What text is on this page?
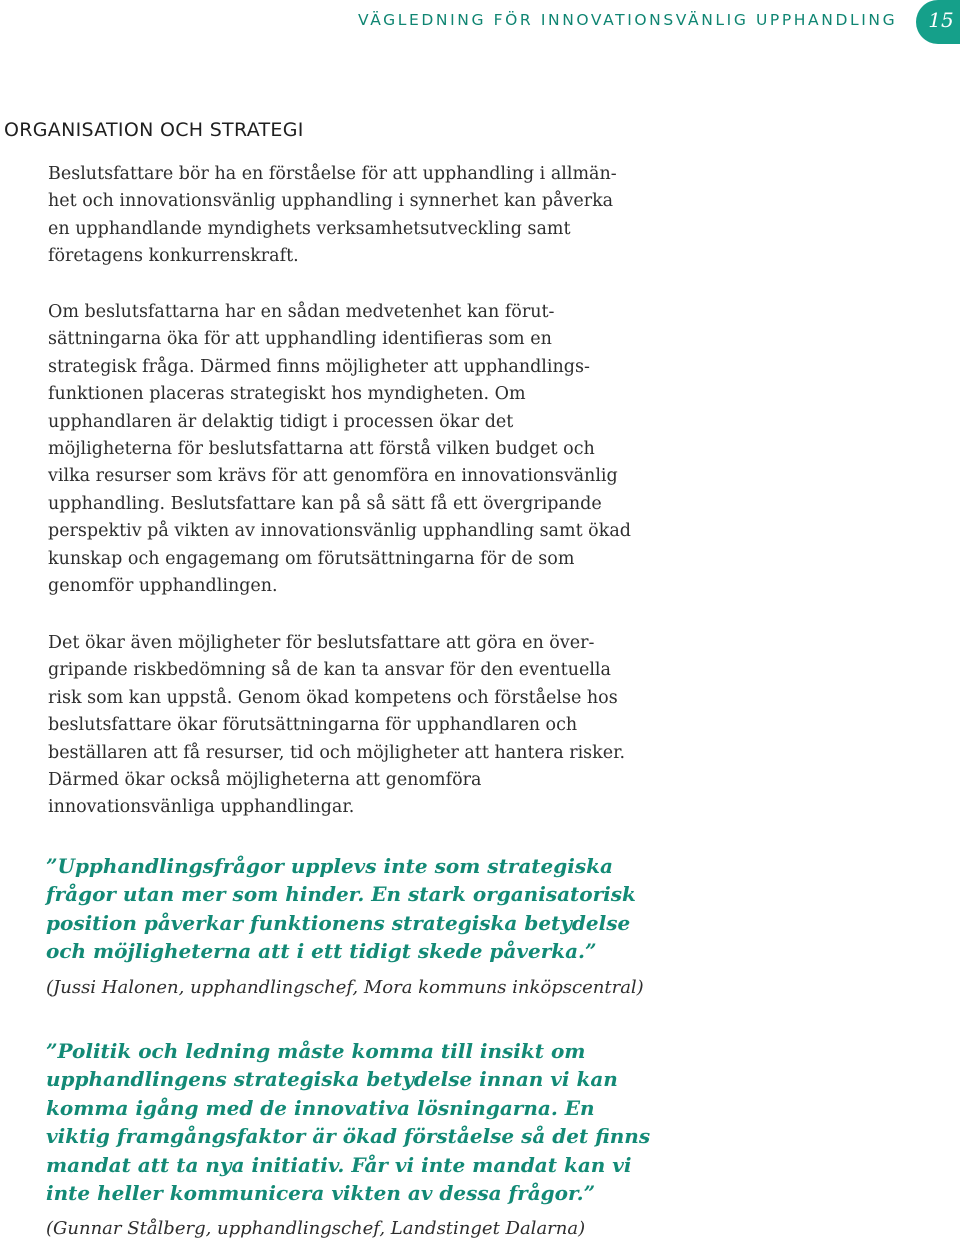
VÄGLEDNING FÖR INNOVATIONSVÄNLIG UPPHANDLING 15
ORGANISATION OCH STRATEGI
Beslutsfattare bör ha en förståelse för att upphandling i allmän-
het och innovationsvänlig upphandling i synnerhet kan påverka
en upphandlande myndighets verksamhetsutveckling samt
företagens konkurrenskraft.
Om beslutsfattarna har en sådan medvetenhet kan förut-
sättningarna öka för att upphandling identifieras som en
strategisk fråga. Därmed finns möjligheter att upphandlings-
funktionen placeras strategiskt hos myndigheten. Om
upphandlaren är delaktig tidigt i processen ökar det
möjligheterna för beslutsfattarna att förstå vilken budget och
vilka resurser som krävs för att genomföra en innovationsvänlig
upphandling. Beslutsfattare kan på så sätt få ett övergripande
perspektiv på vikten av innovationsvänlig upphandling samt ökad
kunskap och engagemang om förutsättningarna för de som
genomför upphandlingen.
Det ökar även möjligheter för beslutsfattare att göra en över-
gripande riskbedömning så de kan ta ansvar för den eventuella
risk som kan uppstå. Genom ökad kompetens och förståelse hos
beslutsfattare ökar förutsättningarna för upphandlaren och
beställaren att få resurser, tid och möjligheter att hantera risker.
Därmed ökar också möjligheterna att genomföra
innovationsvänliga upphandlingar.
”Upphandlingsfrågor upplevs inte som strategiska
frågor utan mer som hinder. En stark organisatorisk
position påverkar funktionens strategiska betydelse
och möjligheterna att i ett tidigt skede påverka.”
(Jussi Halonen, upphandlingschef, Mora kommuns inköpscentral)
”Politik och ledning måste komma till insikt om
upphandlingens strategiska betydelse innan vi kan
komma igång med de innovativa lösningarna. En
viktig framgångsfaktor är ökad förståelse så det finns
mandat att ta nya initiativ. Får vi inte mandat kan vi
inte heller kommunicera vikten av dessa frågor.”
(Gunnar Stålberg, upphandlingschef, Landstinget Dalarna)
